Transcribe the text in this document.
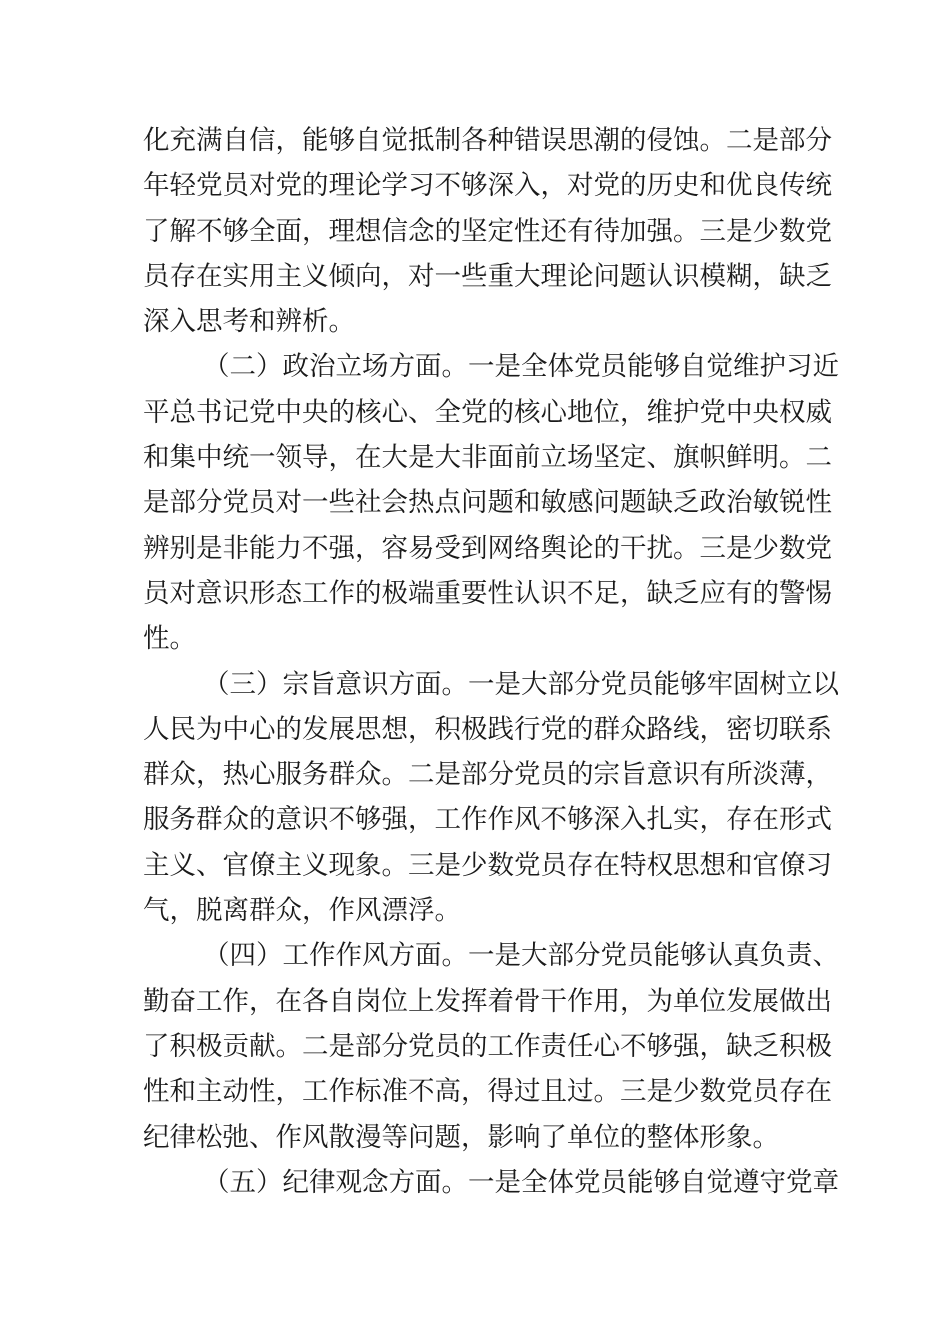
化 充 满 自 信 ， 能 够 自 觉 抵 制 各 种 错 误 思 潮 的 侵 蚀 。 二 是 部 分
年 轻 党 员 对 党 的 理 论 学 习 不 够 深 入 ， 对 党 的 历 史 和 优 良 传 统
了 解 不 够 全 面 ， 理 想 信 念 的 坚 定 性 还 有 待 加 强 。 三 是 少 数 党
员 存 在 实 用 主 义 倾 向 ， 对 一 些 重 大 理 论 问 题 认 识 模 糊 ， 缺 乏
深入思考和辨析。
（ 二 ） 政 治 立 场 方 面 。 一 是 全 体 党 员 能 够 自 觉 维 护 习 近
平 总 书 记 党 中 央 的 核 心 、 全 党 的 核 心 地 位 ， 维 护 党 中 央 权 威
和 集 中 统 一 领 导 ， 在 大 是 大 非 面 前 立 场 坚 定 、 旗 帜 鲜 明 。 二
是 部 分 党 员 对 一 些 社 会 热 点 问 题 和 敏 感 问 题 缺 乏 政 治 敏 锐 性
辨 别 是 非 能 力 不 强 ， 容 易 受 到 网 络 舆 论 的 干 扰 。 三 是 少 数 党
员 对 意 识 形 态 工 作 的 极 端 重 要 性 认 识 不 足 ， 缺 乏 应 有 的 警 惕
性。
（ 三 ） 宗 旨 意 识 方 面 。 一 是 大 部 分 党 员 能 够 牢 固 树 立 以
人 民 为 中 心 的 发 展 思 想 ， 积 极 践 行 党 的 群 众 路 线 ， 密 切 联 系
群 众 ， 热 心 服 务 群 众 。 二 是 部 分 党 员 的 宗 旨 意 识 有 所 淡 薄 ，
服 务 群 众 的 意 识 不 够 强 ， 工 作 作 风 不 够 深 入 扎 实 ， 存 在 形 式
主 义 、 官 僚 主 义 现 象 。 三 是 少 数 党 员 存 在 特 权 思 想 和 官 僚 习
气，脱离群众，作风漂浮。
（ 四 ） 工 作 作 风 方 面 。 一 是 大 部 分 党 员 能 够 认 真 负 责 、
勤 奋 工 作 ， 在 各 自 岗 位 上 发 挥 着 骨 干 作 用 ， 为 单 位 发 展 做 出
了 积 极 贡 献 。 二 是 部 分 党 员 的 工 作 责 任 心 不 够 强 ， 缺 乏 积 极
性 和 主 动 性 ， 工 作 标 准 不 高 ， 得 过 且 过 。 三 是 少 数 党 员 存 在
纪律松弛、作风散漫等问题，影响了单位的整体形象。
（ 五 ） 纪 律 观 念 方 面 。 一 是 全 体 党 员 能 够 自 觉 遵 守 党 章
